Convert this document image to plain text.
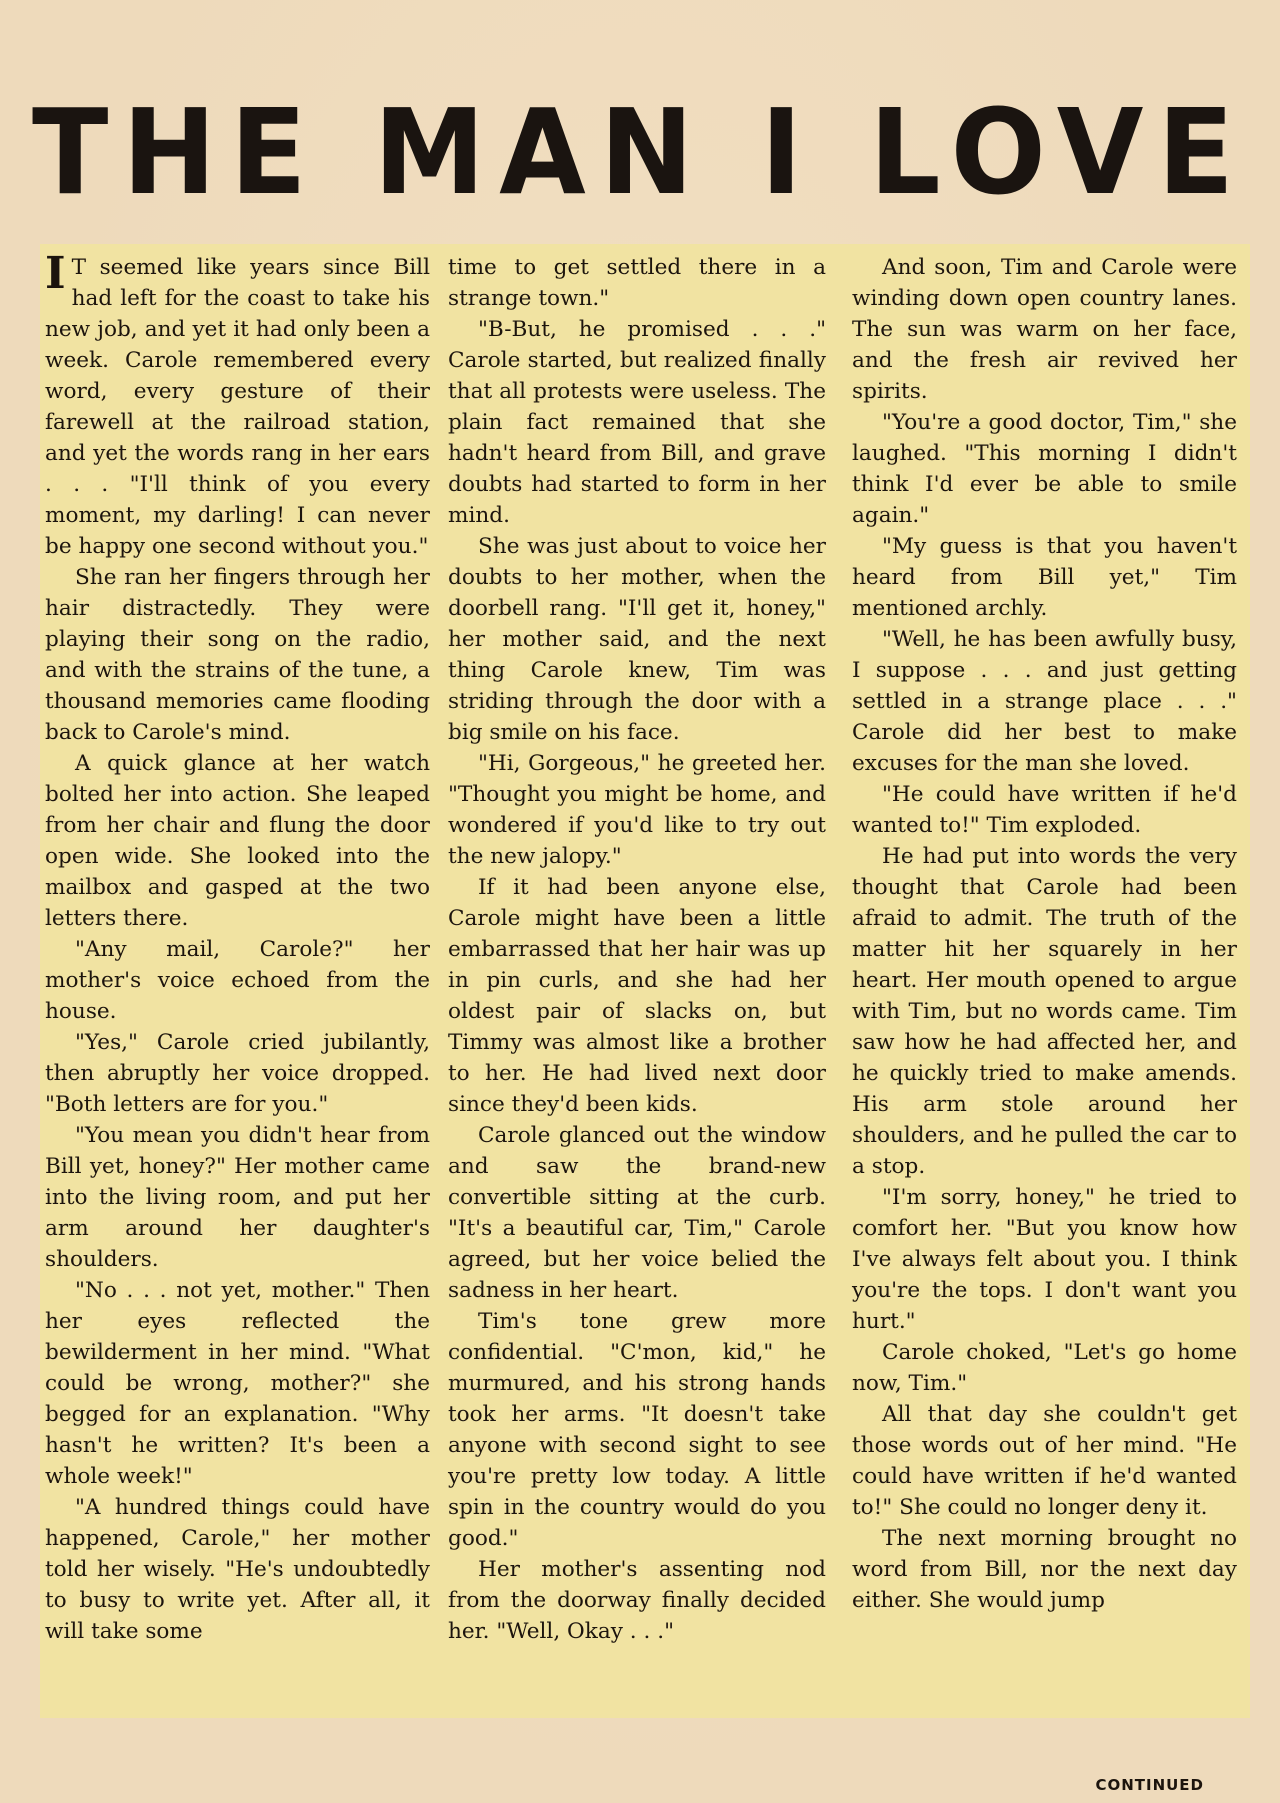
THE MAN I LOVE

I T seemed like years since Bill had left for the coast to take his new job, and yet it had only been a week. Carole remembered every word, every gesture of their farewell at the railroad station, and yet the words rang in her ears . . . "I'll think of you every moment, my darling! I can never be happy one second without you."

She ran her fingers through her hair distractedly. They were playing their song on the radio, and with the strains of the tune, a thousand memories came flooding back to Carole's mind.

A quick glance at her watch bolted her into action. She leaped from her chair and flung the door open wide. She looked into the mailbox and gasped at the two letters there.

"Any mail, Carole?" her mother's voice echoed from the house.

"Yes," Carole cried jubilantly, then abruptly her voice dropped. "Both letters are for you."

"You mean you didn't hear from Bill yet, honey?" Her mother came into the living room, and put her arm around her daughter's shoulders.

"No . . . not yet, mother." Then her eyes reflected the bewilderment in her mind. "What could be wrong, mother?" she begged for an explanation. "Why hasn't he written? It's been a whole week!"

"A hundred things could have happened, Carole," her mother told her wisely. "He's undoubtedly to busy to write yet. After all, it will take some

time to get settled there in a strange town."

"B-But, he promised . . ." Carole started, but realized finally that all protests were useless. The plain fact remained that she hadn't heard from Bill, and grave doubts had started to form in her mind.

She was just about to voice her doubts to her mother, when the doorbell rang. "I'll get it, honey," her mother said, and the next thing Carole knew, Tim was striding through the door with a big smile on his face.

"Hi, Gorgeous," he greeted her. "Thought you might be home, and wondered if you'd like to try out the new jalopy."

If it had been anyone else, Carole might have been a little embarrassed that her hair was up in pin curls, and she had her oldest pair of slacks on, but Timmy was almost like a brother to her. He had lived next door since they'd been kids.

Carole glanced out the window and saw the brand-new convertible sitting at the curb. "It's a beautiful car, Tim," Carole agreed, but her voice belied the sadness in her heart.

Tim's tone grew more confidential. "C'mon, kid," he murmured, and his strong hands took her arms. "It doesn't take anyone with second sight to see you're pretty low today. A little spin in the country would do you good."

Her mother's assenting nod from the doorway finally decided her. "Well, Okay . . ."

And soon, Tim and Carole were winding down open country lanes. The sun was warm on her face, and the fresh air revived her spirits.

"You're a good doctor, Tim," she laughed. "This morning I didn't think I'd ever be able to smile again."

"My guess is that you haven't heard from Bill yet," Tim mentioned archly.

"Well, he has been awfully busy, I suppose . . . and just getting settled in a strange place . . ." Carole did her best to make excuses for the man she loved.

"He could have written if he'd wanted to!" Tim exploded.

He had put into words the very thought that Carole had been afraid to admit. The truth of the matter hit her squarely in her heart. Her mouth opened to argue with Tim, but no words came. Tim saw how he had affected her, and he quickly tried to make amends. His arm stole around her shoulders, and he pulled the car to a stop.

"I'm sorry, honey," he tried to comfort her. "But you know how I've always felt about you. I think you're the tops. I don't want you hurt."

Carole choked, "Let's go home now, Tim."

All that day she couldn't get those words out of her mind. "He could have written if he'd wanted to!" She could no longer deny it.

The next morning brought no word from Bill, nor the next day either. She would jump

CONTINUED
